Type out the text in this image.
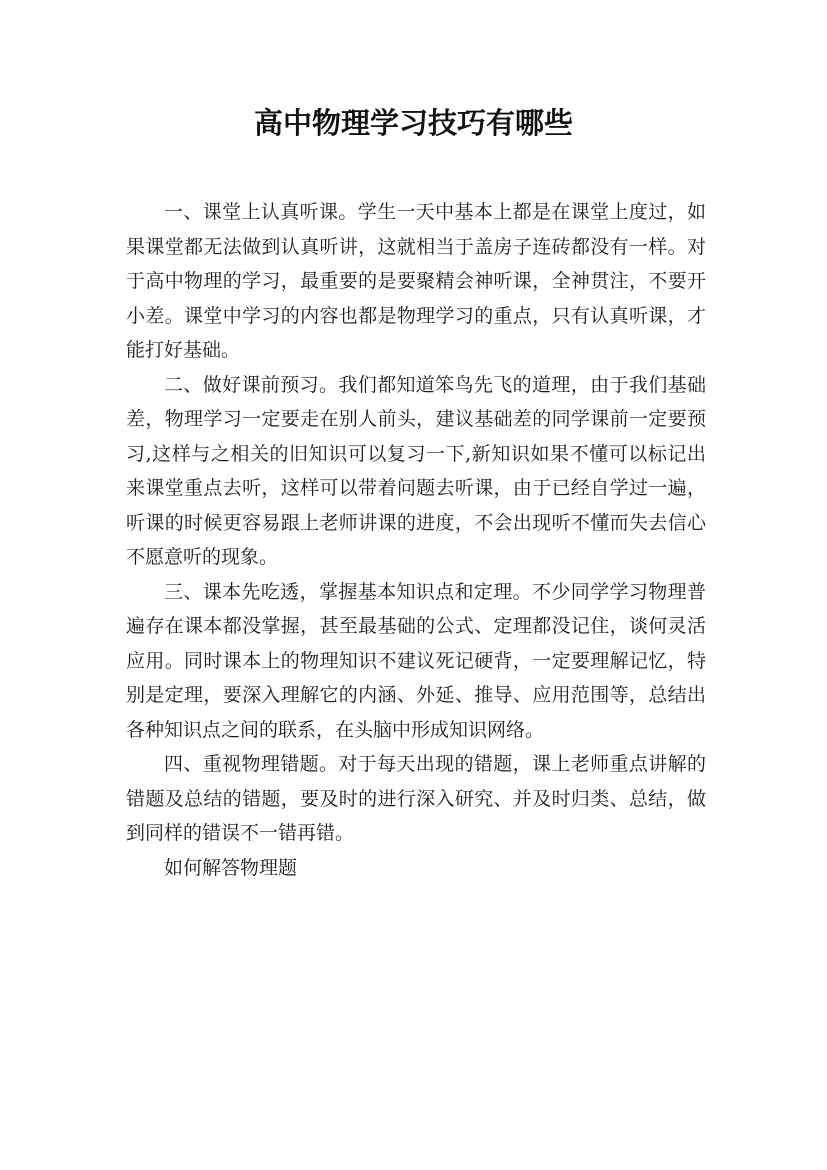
高中物理学习技巧有哪些

一、课堂上认真听课。学生一天中基本上都是在课堂上度过，如果课堂都无法做到认真听讲，这就相当于盖房子连砖都没有一样。对于高中物理的学习，最重要的是要聚精会神听课，全神贯注，不要开小差。课堂中学习的内容也都是物理学习的重点，只有认真听课，才能打好基础。

二、做好课前预习。我们都知道笨鸟先飞的道理，由于我们基础差，物理学习一定要走在别人前头，建议基础差的同学课前一定要预习,这样与之相关的旧知识可以复习一下,新知识如果不懂可以标记出来课堂重点去听，这样可以带着问题去听课，由于已经自学过一遍，听课的时候更容易跟上老师讲课的进度，不会出现听不懂而失去信心不愿意听的现象。

三、课本先吃透，掌握基本知识点和定理。不少同学学习物理普遍存在课本都没掌握，甚至最基础的公式、定理都没记住，谈何灵活应用。同时课本上的物理知识不建议死记硬背，一定要理解记忆，特别是定理，要深入理解它的内涵、外延、推导、应用范围等，总结出各种知识点之间的联系，在头脑中形成知识网络。

四、重视物理错题。对于每天出现的错题，课上老师重点讲解的错题及总结的错题，要及时的进行深入研究、并及时归类、总结，做到同样的错误不一错再错。

如何解答物理题
